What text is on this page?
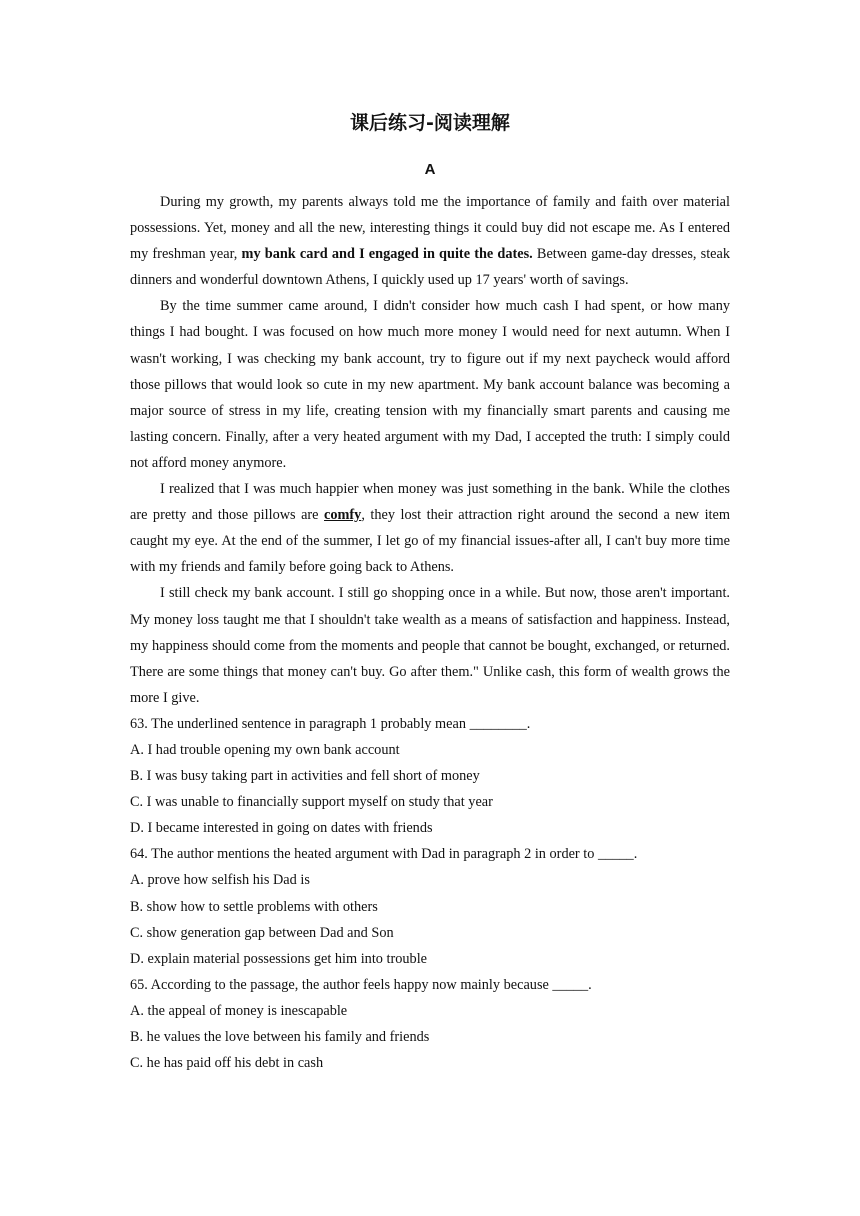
课后练习-阅读理解
A

During my growth, my parents always told me the importance of family and faith over material possessions. Yet, money and all the new, interesting things it could buy did not escape me. As I entered my freshman year, my bank card and I engaged in quite the dates. Between game-day dresses, steak dinners and wonderful downtown Athens, I quickly used up 17 years' worth of savings.

By the time summer came around, I didn't consider how much cash I had spent, or how many things I had bought. I was focused on how much more money I would need for next autumn. When I wasn't working, I was checking my bank account, try to figure out if my next paycheck would afford those pillows that would look so cute in my new apartment. My bank account balance was becoming a major source of stress in my life, creating tension with my financially smart parents and causing me lasting concern. Finally, after a very heated argument with my Dad, I accepted the truth: I simply could not afford money anymore.

I realized that I was much happier when money was just something in the bank. While the clothes are pretty and those pillows are comfy, they lost their attraction right around the second a new item caught my eye. At the end of the summer, I let go of my financial issues-after all, I can't buy more time with my friends and family before going back to Athens.

I still check my bank account. I still go shopping once in a while. But now, those aren't important. My money loss taught me that I shouldn't take wealth as a means of satisfaction and happiness. Instead, my happiness should come from the moments and people that cannot be bought, exchanged, or returned. There are some things that money can't buy. Go after them." Unlike cash, this form of wealth grows the more I give.

63. The underlined sentence in paragraph 1 probably mean ________.

A. I had trouble opening my own bank account

B. I was busy taking part in activities and fell short of money

C. I was unable to financially support myself on study that year

D. I became interested in going on dates with friends

64. The author mentions the heated argument with Dad in paragraph 2 in order to _____.

A. prove how selfish his Dad is

B. show how to settle problems with others

C. show generation gap between Dad and Son

D. explain material possessions get him into trouble

65. According to the passage, the author feels happy now mainly because _____.

A. the appeal of money is inescapable

B. he values the love between his family and friends

C. he has paid off his debt in cash
